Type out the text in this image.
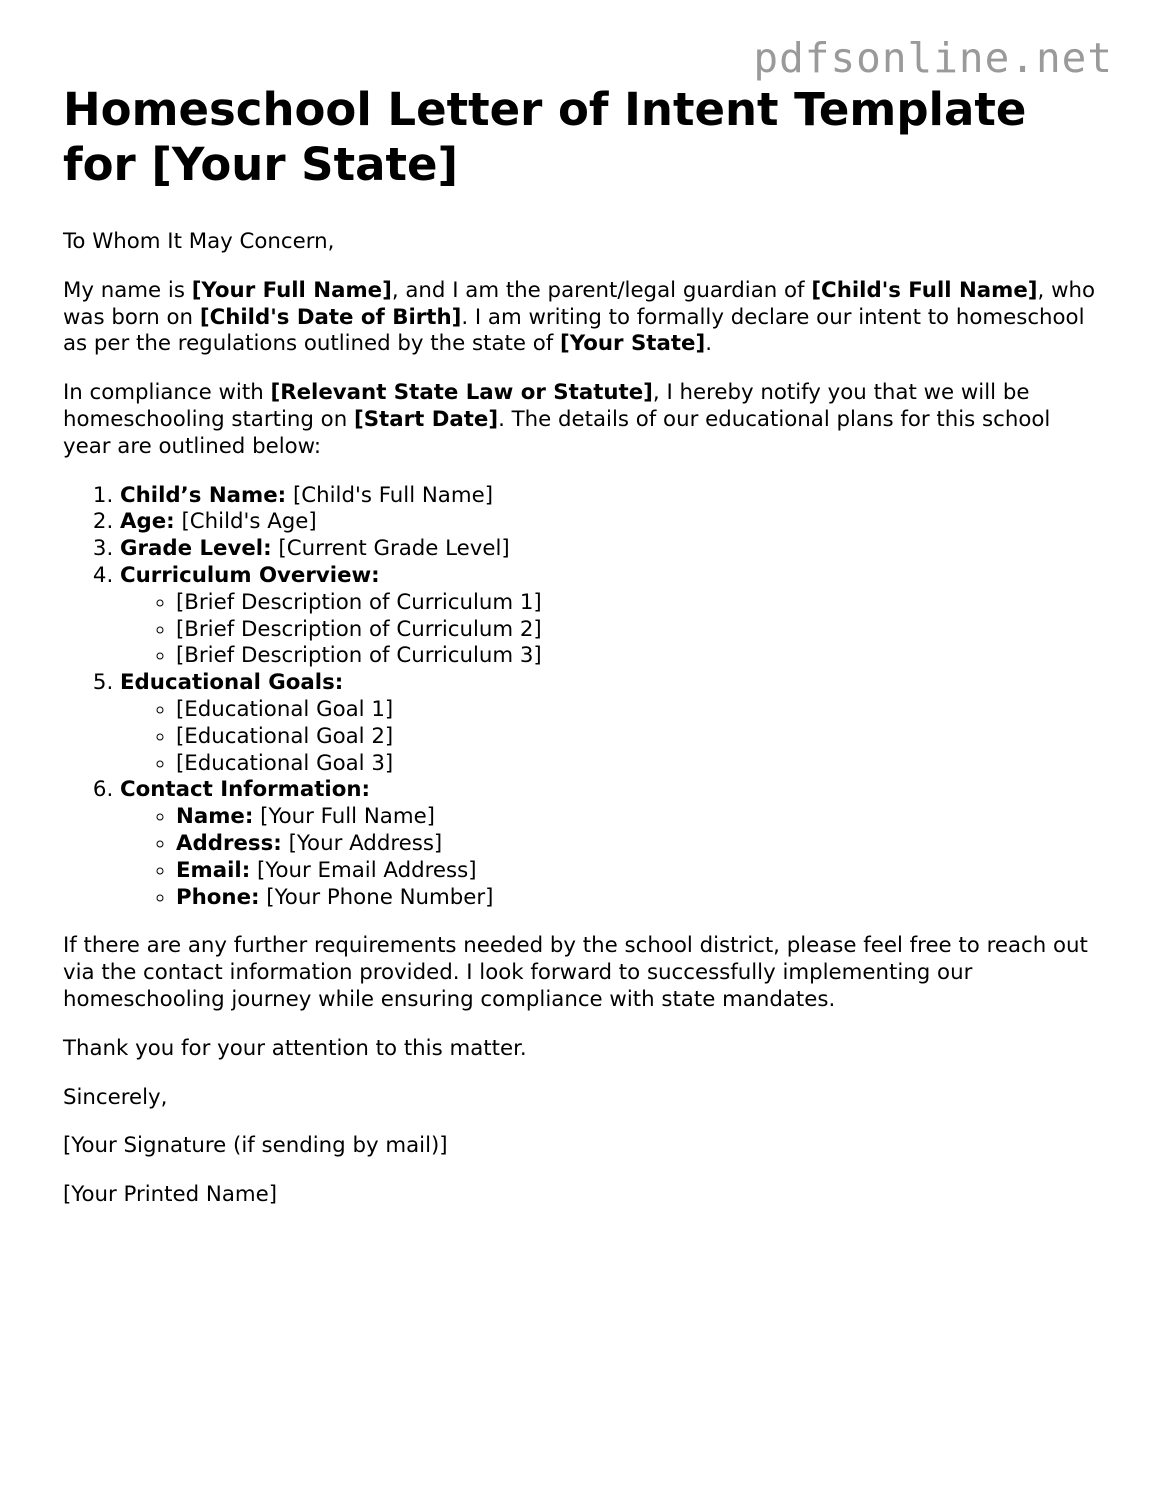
pdfsonline.net
Homeschool Letter of Intent Template for [Your State]

To Whom It May Concern,

My name is [Your Full Name], and I am the parent/legal guardian of [Child's Full Name], who was born on [Child's Date of Birth]. I am writing to formally declare our intent to homeschool as per the regulations outlined by the state of [Your State].

In compliance with [Relevant State Law or Statute], I hereby notify you that we will be homeschooling starting on [Start Date]. The details of our educational plans for this school year are outlined below:

1. Child’s Name: [Child's Full Name]
2. Age: [Child's Age]
3. Grade Level: [Current Grade Level]
4. Curriculum Overview:
◦ [Brief Description of Curriculum 1]
◦ [Brief Description of Curriculum 2]
◦ [Brief Description of Curriculum 3]
5. Educational Goals:
◦ [Educational Goal 1]
◦ [Educational Goal 2]
◦ [Educational Goal 3]
6. Contact Information:
◦ Name: [Your Full Name]
◦ Address: [Your Address]
◦ Email: [Your Email Address]
◦ Phone: [Your Phone Number]

If there are any further requirements needed by the school district, please feel free to reach out via the contact information provided. I look forward to successfully implementing our homeschooling journey while ensuring compliance with state mandates.

Thank you for your attention to this matter.

Sincerely,

[Your Signature (if sending by mail)]

[Your Printed Name]
